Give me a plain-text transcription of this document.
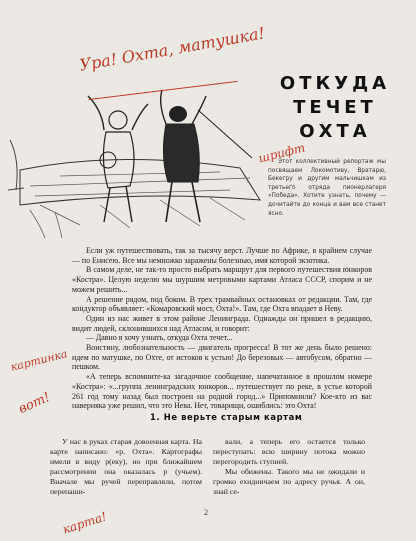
Ура! Охта, матушка!
ОТКУДА
ТЕЧЕТ
ОХТА
шрифт
Этот коллективный репортаж мы посвящаем Локомотиву, Вратарю, Бекегру и другим мальчишкам из третьего отряда пионерлагеря «Победа». Хотите узнать, почему — дочитайте до конца и вам все станет ясно.

Если уж путешествовать, так за тысячу верст. Лучше по Африке, в крайнем случае — по Енисею. Все мы немножко заражены болезнью, имя которой экзотика.

В самом деле, не так-то просто выбрать маршрут для первого путешествия юнкоров «Костра». Целую неделю мы шуршим метровыми картами Атласа СССР, спорим и не можем решить...

А решение рядом, под боком. В трех трамвайных остановках от редакции. Там, где кондуктор объявляет: «Комаровский мост, Охта!». Там, где Охта впадает в Неву.

Один из нас живет в этом районе Ленинграда. Однажды он пришел в редакцию, видит людей, склонившихся над Атласом, и говорит:

— Давно я хочу узнать, откуда Охта течет...

Воистину, любознательность — двигатель прогресса! В тот же день было решено: идем по матушке, по Охте, от истоков к устью! До березовых — автобусом, обратно — пешком.

«А теперь вспомните-ка загадочное сообщение, напечатанное в прошлом номере «Костра»: «...группа ленинградских юнкоров... путешествует по реке, в устье которой 261 год тому назад был построен на родной город...» Припомнили? Кое-кто из вас наверняка уже решил, что это Нева. Нет, товарищи, ошиблись: это Охта!

картинка
вот!	1. Не верьте старым картам

У нас в руках старая довоенная карта. На карте написано: «р. Охта». Картографы имели в виду р(еку), но при ближайшем рассмотрении она оказалась р (учьем). Вначале мы ручей переправляли, потом перепаши-

вали, а теперь его остается только переступать: всю ширину потока можно перегородить ступней.

Мы обижены. Такого мы не ожидали и громко ехидничаем по адресу ручья. А он, знай се-

2
карта!
